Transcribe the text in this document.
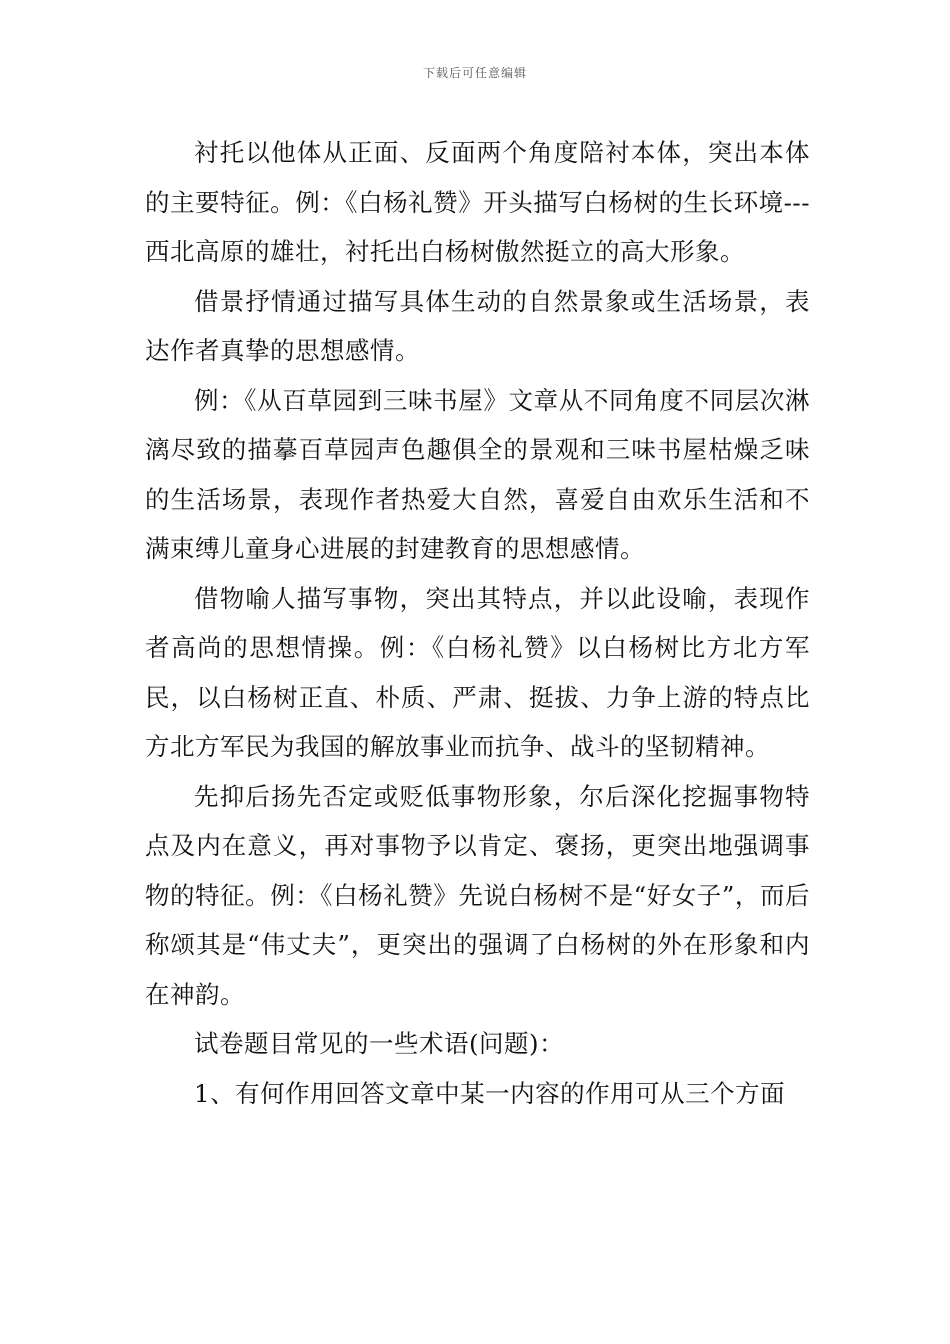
下载后可任意编辑

衬托以他体从正面、反面两个角度陪衬本体，突出本体的主要特征。例：《白杨礼赞》开头描写白杨树的生长环境---西北高原的雄壮，衬托出白杨树傲然挺立的高大形象。

借景抒情通过描写具体生动的自然景象或生活场景，表达作者真挚的思想感情。

例：《从百草园到三味书屋》文章从不同角度不同层次淋漓尽致的描摹百草园声色趣俱全的景观和三味书屋枯燥乏味的生活场景，表现作者热爱大自然，喜爱自由欢乐生活和不满束缚儿童身心进展的封建教育的思想感情。

借物喻人描写事物，突出其特点，并以此设喻，表现作者高尚的思想情操。例：《白杨礼赞》以白杨树比方北方军民，以白杨树正直、朴质、严肃、挺拔、力争上游的特点比方北方军民为我国的解放事业而抗争、战斗的坚韧精神。

先抑后扬先否定或贬低事物形象，尔后深化挖掘事物特点及内在意义，再对事物予以肯定、褒扬，更突出地强调事物的特征。例：《白杨礼赞》先说白杨树不是“好女子”，而后称颂其是“伟丈夫”，更突出的强调了白杨树的外在形象和内在神韵。

试卷题目常见的一些术语(问题)：

1、有何作用回答文章中某一内容的作用可从三个方面
